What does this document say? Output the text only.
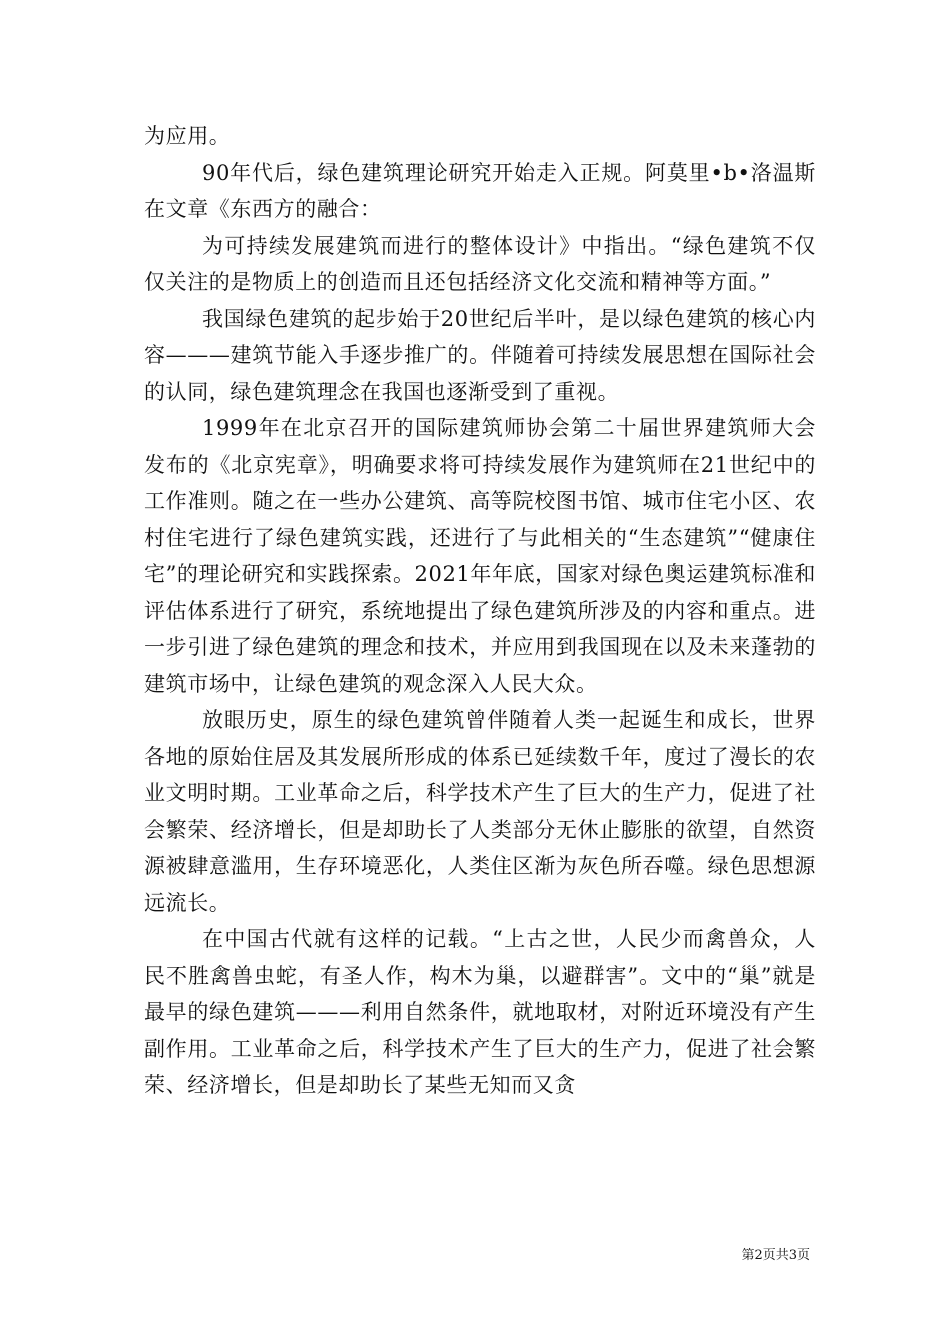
为应用。

90年代后，绿色建筑理论研究开始走入正规。阿莫里•b•洛温斯在文章《东西方的融合：

为可持续发展建筑而进行的整体设计》中指出。“绿色建筑不仅仅关注的是物质上的创造而且还包括经济文化交流和精神等方面。”

我国绿色建筑的起步始于20世纪后半叶，是以绿色建筑的核心内容———建筑节能入手逐步推广的。伴随着可持续发展思想在国际社会的认同，绿色建筑理念在我国也逐渐受到了重视。

1999年在北京召开的国际建筑师协会第二十届世界建筑师大会发布的《北京宪章》，明确要求将可持续发展作为建筑师在21世纪中的工作准则。随之在一些办公建筑、高等院校图书馆、城市住宅小区、农村住宅进行了绿色建筑实践，还进行了与此相关的“生态建筑”“健康住宅”的理论研究和实践探索。2021年年底，国家对绿色奥运建筑标准和评估体系进行了研究，系统地提出了绿色建筑所涉及的内容和重点。进一步引进了绿色建筑的理念和技术，并应用到我国现在以及未来蓬勃的建筑市场中，让绿色建筑的观念深入人民大众。

放眼历史，原生的绿色建筑曾伴随着人类一起诞生和成长，世界各地的原始住居及其发展所形成的体系已延续数千年，度过了漫长的农业文明时期。工业革命之后，科学技术产生了巨大的生产力，促进了社会繁荣、经济增长，但是却助长了人类部分无休止膨胀的欲望，自然资源被肆意滥用，生存环境恶化，人类住区渐为灰色所吞噬。绿色思想源远流长。

在中国古代就有这样的记载。“上古之世，人民少而禽兽众，人民不胜禽兽虫蛇，有圣人作，构木为巢，以避群害”。文中的“巢”就是最早的绿色建筑———利用自然条件，就地取材，对附近环境没有产生副作用。工业革命之后，科学技术产生了巨大的生产力，促进了社会繁荣、经济增长，但是却助长了某些无知而又贪

第2页共3页
